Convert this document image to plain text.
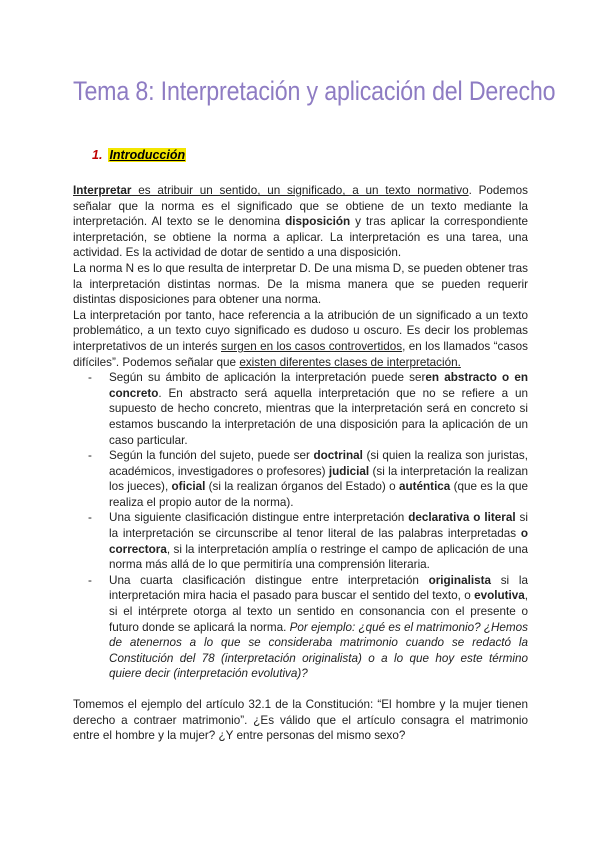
Tema 8: Interpretación y aplicación del Derecho
1. Introducción

Interpretar es atribuir un sentido, un significado, a un texto normativo. Podemos señalar que la norma es el significado que se obtiene de un texto mediante la interpretación. Al texto se le denomina disposición y tras aplicar la correspondiente interpretación, se obtiene la norma a aplicar. La interpretación es una tarea, una actividad. Es la actividad de dotar de sentido a una disposición.

La norma N es lo que resulta de interpretar D. De una misma D, se pueden obtener tras la interpretación distintas normas. De la misma manera que se pueden requerir distintas disposiciones para obtener una norma.

La interpretación por tanto, hace referencia a la atribución de un significado a un texto problemático, a un texto cuyo significado es dudoso u oscuro. Es decir los problemas interpretativos de un interés surgen en los casos controvertidos, en los llamados “casos difíciles”. Podemos señalar que existen diferentes clases de interpretación.

- Según su ámbito de aplicación la interpretación puede seren abstracto o en concreto. En abstracto será aquella interpretación que no se refiere a un supuesto de hecho concreto, mientras que la interpretación será en concreto si estamos buscando la interpretación de una disposición para la aplicación de un caso particular.
- Según la función del sujeto, puede ser doctrinal (si quien la realiza son juristas, académicos, investigadores o profesores) judicial (si la interpretación la realizan los jueces), oficial (si la realizan órganos del Estado) o auténtica (que es la que realiza el propio autor de la norma).
- Una siguiente clasificación distingue entre interpretación declarativa o literal si la interpretación se circunscribe al tenor literal de las palabras interpretadas o correctora, si la interpretación amplía o restringe el campo de aplicación de una norma más allá de lo que permitiría una comprensión literaria.
- Una cuarta clasificación distingue entre interpretación originalista si la interpretación mira hacia el pasado para buscar el sentido del texto, o evolutiva, si el intérprete otorga al texto un sentido en consonancia con el presente o futuro donde se aplicará la norma. Por ejemplo: ¿qué es el matrimonio? ¿Hemos de atenernos a lo que se consideraba matrimonio cuando se redactó la Constitución del 78 (interpretación originalista) o a lo que hoy este término quiere decir (interpretación evolutiva)?

Tomemos el ejemplo del artículo 32.1 de la Constitución: “El hombre y la mujer tienen derecho a contraer matrimonio”. ¿Es válido que el artículo consagra el matrimonio entre el hombre y la mujer? ¿Y entre personas del mismo sexo?
